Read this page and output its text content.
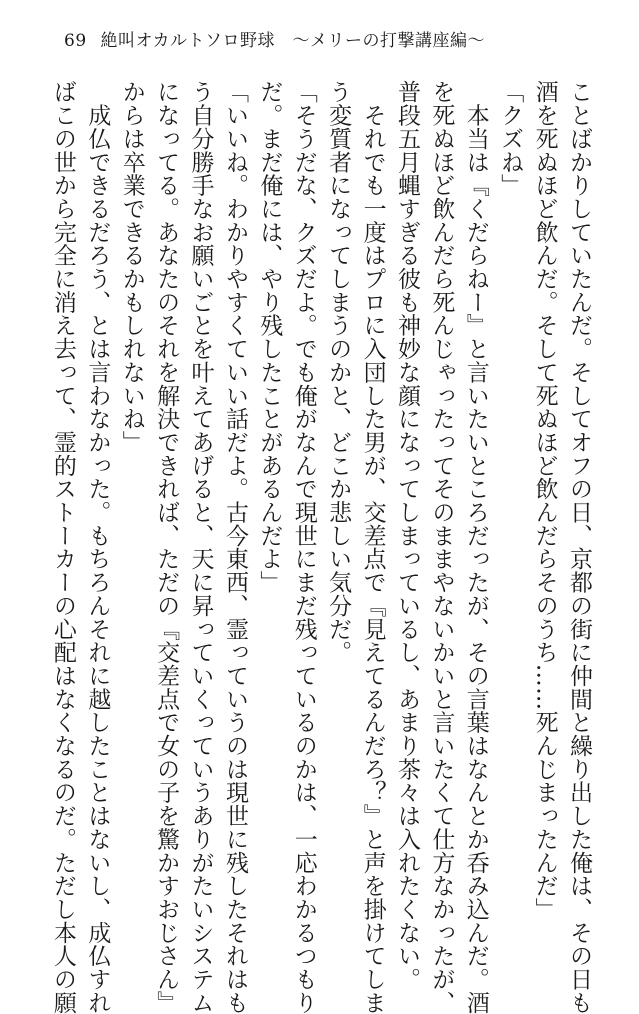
69 絶叫オカルトソロ野球　〜メリーの打撃講座編〜
ことばかりしていたんだ。そしてオフの日、京都の街に仲間と繰り出した俺は、その日も
酒を死ぬほど飲んだ。そして死ぬほど飲んだらそのうち……死んじまったんだ」
「クズね」
　本当は『くだらねー』と言いたいところだったが、その言葉はなんとか呑み込んだ。酒
を死ぬほど飲んだら死んじゃったってそのままやないかいと言いたくて仕方なかったが、
普段五月蝿すぎる彼も神妙な顔になってしまっているし、あまり茶々は入れたくない。
　それでも一度はプロに入団した男が、交差点で『見えてるんだろ？』と声を掛けてしま
う変質者になってしまうのかと、どこか悲しい気分だ。
「そうだな、クズだよ。でも俺がなんで現世にまだ残っているのかは、一応わかるつもり
だ。まだ俺には、やり残したことがあるんだよ」
「いいね。わかりやすくていい話だよ。古今東西、霊っていうのは現世に残したそれはも
う自分勝手なお願いごとを叶えてあげると、天に昇っていくっていうありがたいシステム
になってる。あなたのそれを解決できれば、ただの『交差点で女の子を驚かすおじさん』
からは卒業できるかもしれないね」
　成仏できるだろう、とは言わなかった。もちろんそれに越したことはないし、成仏すれ
ばこの世から完全に消え去って、霊的ストーカーの心配はなくなるのだ。ただし本人の願
